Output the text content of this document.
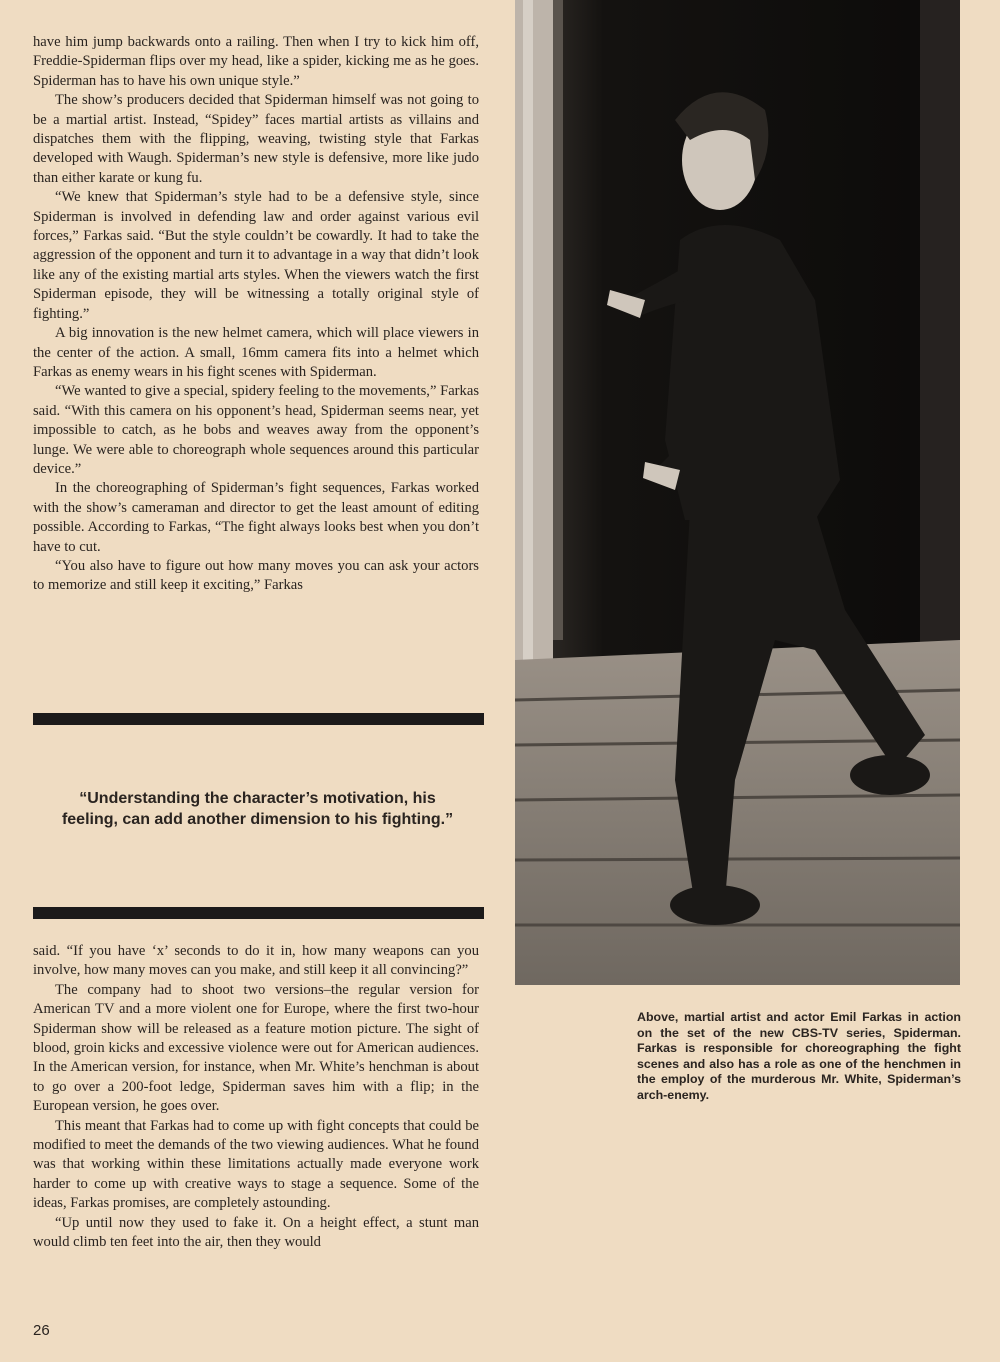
have him jump backwards onto a railing. Then when I try to kick him off, Freddie-Spiderman flips over my head, like a spider, kicking me as he goes. Spiderman has to have his own unique style.”

The show’s producers decided that Spiderman himself was not going to be a martial artist. Instead, “Spidey” faces martial artists as villains and dispatches them with the flipping, weaving, twisting style that Farkas developed with Waugh. Spiderman’s new style is defensive, more like judo than either karate or kung fu.

“We knew that Spiderman’s style had to be a defensive style, since Spiderman is involved in defending law and order against various evil forces,” Farkas said. “But the style couldn’t be cowardly. It had to take the aggression of the opponent and turn it to advantage in a way that didn’t look like any of the existing martial arts styles. When the viewers watch the first Spiderman episode, they will be witnessing a totally original style of fighting.”

A big innovation is the new helmet camera, which will place viewers in the center of the action. A small, 16mm camera fits into a helmet which Farkas as enemy wears in his fight scenes with Spiderman.

“We wanted to give a special, spidery feeling to the movements,” Farkas said. “With this camera on his opponent’s head, Spiderman seems near, yet impossible to catch, as he bobs and weaves away from the opponent’s lunge. We were able to choreograph whole sequences around this particular device.”

In the choreographing of Spiderman’s fight sequences, Farkas worked with the show’s cameraman and director to get the least amount of editing possible. According to Farkas, “The fight always looks best when you don’t have to cut.

“You also have to figure out how many moves you can ask your actors to memorize and still keep it exciting,” Farkas

“Understanding the character’s motivation, his feeling, can add another dimension to his fighting.”

said. “If you have ‘x’ seconds to do it in, how many weapons can you involve, how many moves can you make, and still keep it all convincing?”

The company had to shoot two versions–the regular version for American TV and a more violent one for Europe, where the first two-hour Spiderman show will be released as a feature motion picture. The sight of blood, groin kicks and excessive violence were out for American audiences. In the American version, for instance, when Mr. White’s henchman is about to go over a 200-foot ledge, Spiderman saves him with a flip; in the European version, he goes over.

This meant that Farkas had to come up with fight concepts that could be modified to meet the demands of the two viewing audiences. What he found was that working within these limitations actually made everyone work harder to come up with creative ways to stage a sequence. Some of the ideas, Farkas promises, are completely astounding.

“Up until now they used to fake it. On a height effect, a stunt man would climb ten feet into the air, then they would

Above, martial artist and actor Emil Farkas in action on the set of the new CBS-TV series, Spiderman. Farkas is responsible for choreographing the fight scenes and also has a role as one of the henchmen in the employ of the murderous Mr. White, Spiderman’s arch-enemy.
26
